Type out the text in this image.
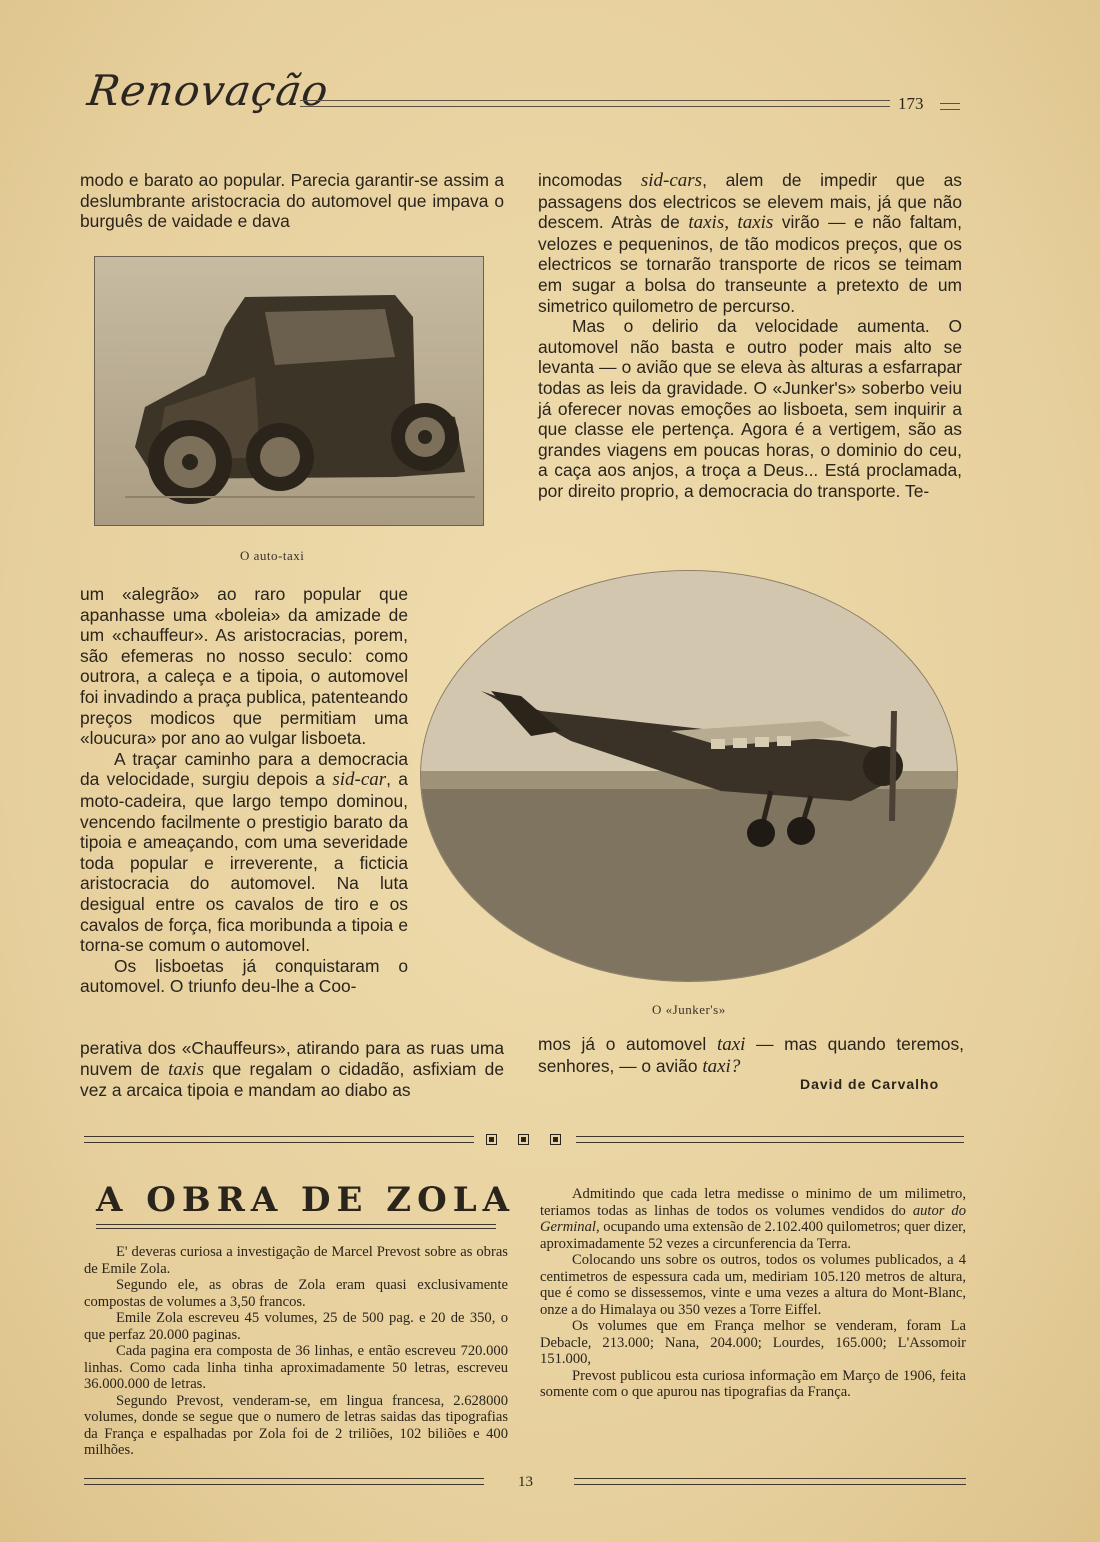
Renovação	173

modo e barato ao popular. Parecia garantir-se assim a deslumbrante aristocracia do automovel que impava o burguês de vaidade e dava

O auto-taxi

incomodas sid-cars, alem de impedir que as passagens dos electricos se elevem mais, já que não descem. Atràs de taxis, taxis virão — e não faltam, velozes e pequeninos, de tão modicos preços, que os electricos se tornarão transporte de ricos se teimam em sugar a bolsa do transeunte a pretexto de um simetrico quilometro de percurso.

Mas o delirio da velocidade aumenta. O automovel não basta e outro poder mais alto se levanta — o avião que se eleva às alturas a esfarrapar todas as leis da gravidade. O «Junker's» soberbo veiu já oferecer novas emoções ao lisboeta, sem inquirir a que classe ele pertença. Agora é a vertigem, são as grandes viagens em poucas horas, o dominio do ceu, a caça aos anjos, a troça a Deus... Está proclamada, por direito proprio, a democracia do transporte. Te-

um «alegrão» ao raro popular que apanhasse uma «boleia» da amizade de um «chauffeur». As aristocracias, porem, são efemeras no nosso seculo: como outrora, a caleça e a tipoia, o automovel foi invadindo a praça publica, patenteando preços modicos que permitiam uma «loucura» por ano ao vulgar lisboeta.

A traçar caminho para a democracia da velocidade, surgiu depois a sid-car, a moto-cadeira, que largo tempo dominou, vencendo facilmente o prestigio barato da tipoia e ameaçando, com uma severidade toda popular e irreverente, a ficticia aristocracia do automovel. Na luta desigual entre os cavalos de tiro e os cavalos de força, fica moribunda a tipoia e torna-se comum o automovel.

Os lisboetas já conquistaram o automovel. O triunfo deu-lhe a Coo-

O «Junker's»

perativa dos «Chauffeurs», atirando para as ruas uma nuvem de taxis que regalam o cidadão, asfixiam de vez a arcaica tipoia e mandam ao diabo as

mos já o automovel taxi — mas quando teremos, senhores, — o avião taxi?

David de Carvalho
A OBRA DE ZOLA

E' deveras curiosa a investigação de Marcel Prevost sobre as obras de Emile Zola.

Segundo ele, as obras de Zola eram quasi exclusivamente compostas de volumes a 3,50 francos.

Emile Zola escreveu 45 volumes, 25 de 500 pag. e 20 de 350, o que perfaz 20.000 paginas.

Cada pagina era composta de 36 linhas, e então escreveu 720.000 linhas. Como cada linha tinha aproximadamente 50 letras, escreveu 36.000.000 de letras.

Segundo Prevost, venderam-se, em lingua francesa, 2.628000 volumes, donde se segue que o numero de letras saidas das tipografias da França e espalhadas por Zola foi de 2 triliões, 102 biliões e 400 milhões.

Admitindo que cada letra medisse o minimo de um milimetro, teriamos todas as linhas de todos os volumes vendidos do autor do Germinal, ocupando uma extensão de 2.102.400 quilometros; quer dizer, aproximadamente 52 vezes a circunferencia da Terra.

Colocando uns sobre os outros, todos os volumes publicados, a 4 centimetros de espessura cada um, mediriam 105.120 metros de altura, que é como se dissessemos, vinte e uma vezes a altura do Mont-Blanc, onze a do Himalaya ou 350 vezes a Torre Eiffel.

Os volumes que em França melhor se venderam, foram La Debacle, 213.000; Nana, 204.000; Lourdes, 165.000; L'Assomoir 151.000,

Prevost publicou esta curiosa informação em Março de 1906, feita somente com o que apurou nas tipografias da França.

13
